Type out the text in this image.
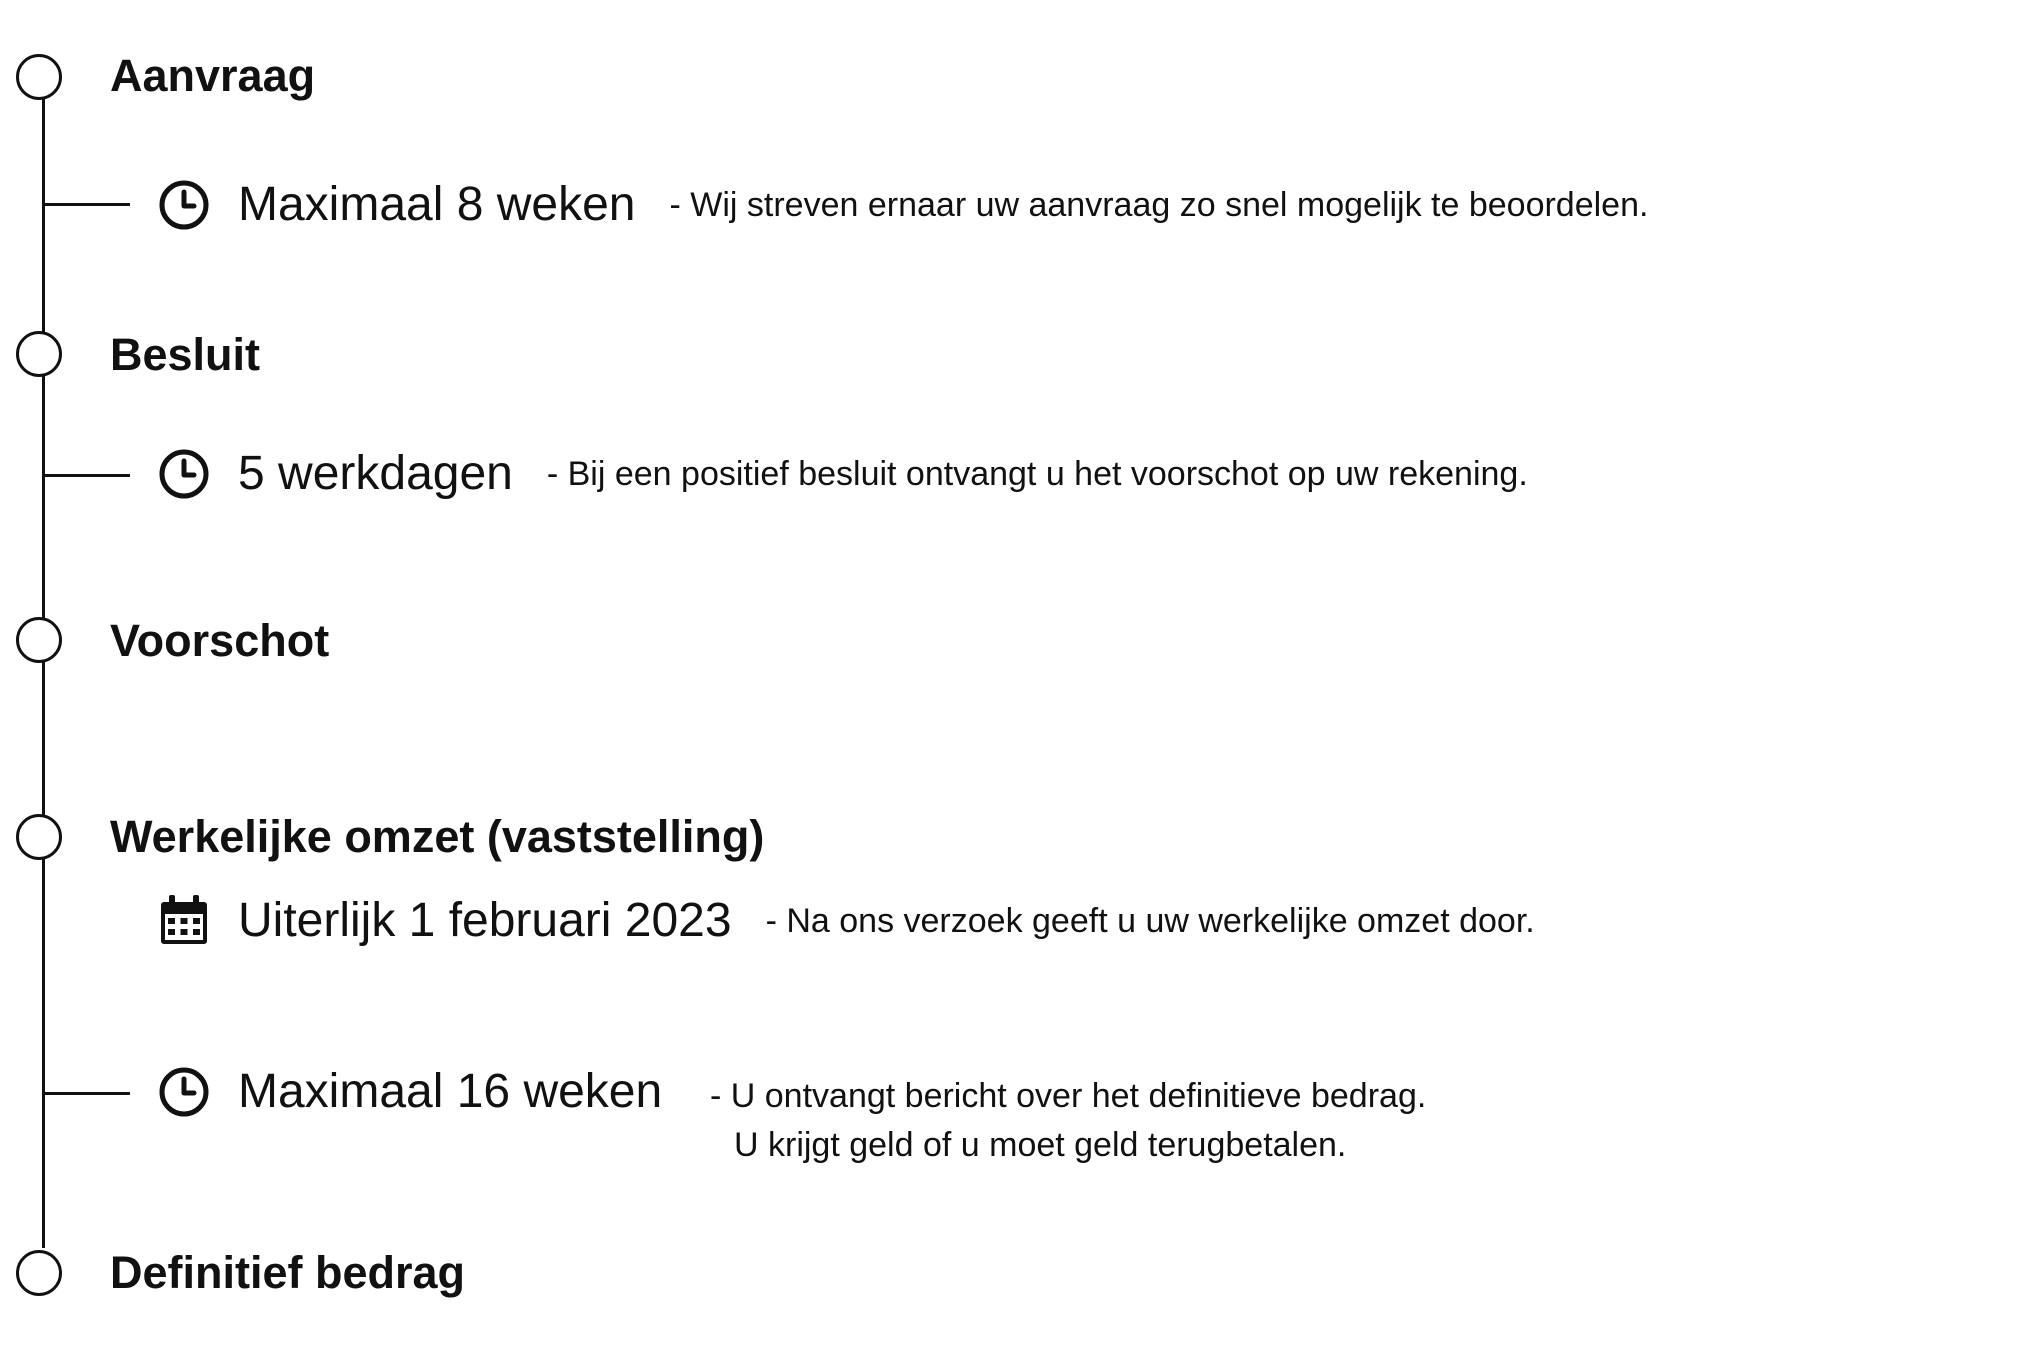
Aanvraag
Besluit
Voorschot
Werkelijke omzet (vaststelling)
Definitief bedrag
Maximaal 8 weken - Wij streven ernaar uw aanvraag zo snel mogelijk te beoordelen.
5 werkdagen - Bij een positief besluit ontvangt u het voorschot op uw rekening.
Uiterlijk 1 februari 2023 - Na ons verzoek geeft u uw werkelijke omzet door.
Maximaal 16 weken - U ontvangt bericht over het definitieve bedrag.
U krijgt geld of u moet geld terugbetalen.
